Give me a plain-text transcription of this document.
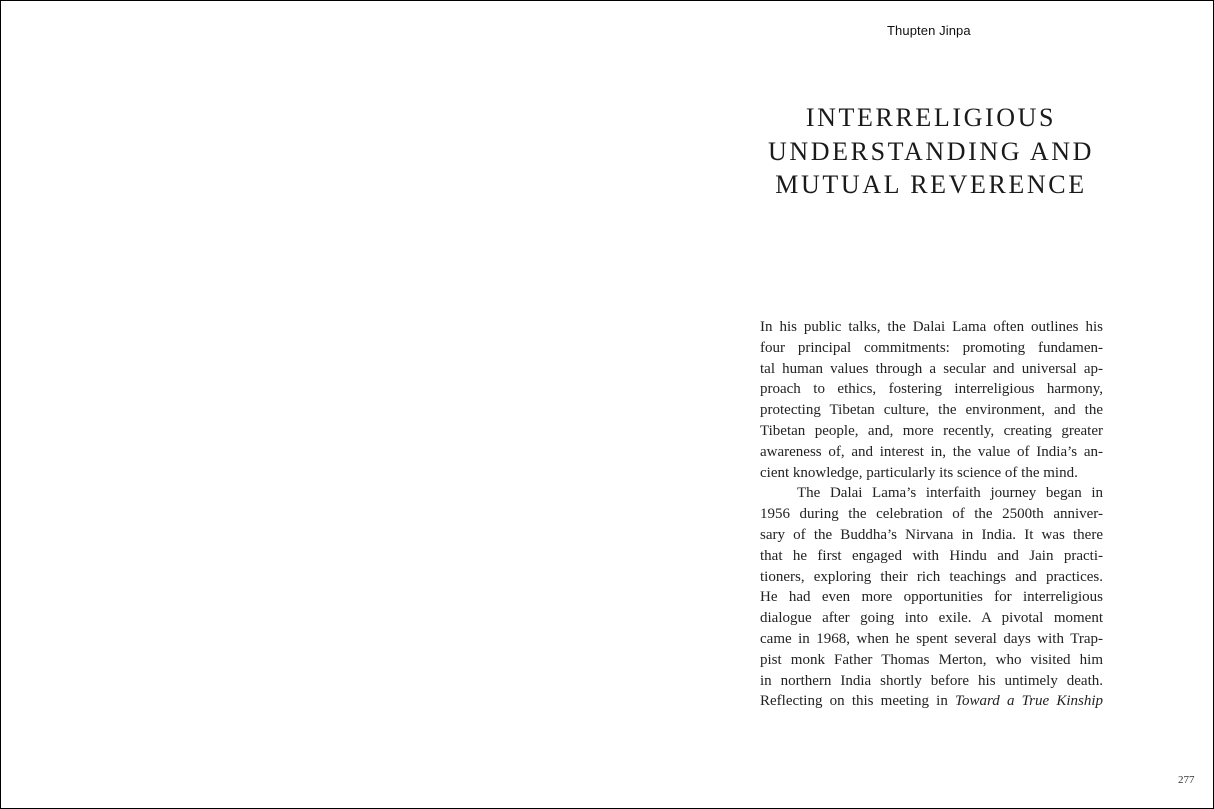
Thupten Jinpa
INTERRELIGIOUS
UNDERSTANDING AND
MUTUAL REVERENCE
In his public talks, the Dalai Lama often outlines his
four principal commitments: promoting fundamen-
tal human values through a secular and universal ap-
proach to ethics, fostering interreligious harmony,
protecting Tibetan culture, the environment, and the
Tibetan people, and, more recently, creating greater
awareness of, and interest in, the value of India’s an-
cient knowledge, particularly its science of the mind.
The Dalai Lama’s interfaith journey began in
1956 during the celebration of the 2500th anniver-
sary of the Buddha’s Nirvana in India. It was there
that he first engaged with Hindu and Jain practi-
tioners, exploring their rich teachings and practices.
He had even more opportunities for interreligious
dialogue after going into exile. A pivotal moment
came in 1968, when he spent several days with Trap-
pist monk Father Thomas Merton, who visited him
in northern India shortly before his untimely death.
Reflecting on this meeting in Toward a True Kinship
277
